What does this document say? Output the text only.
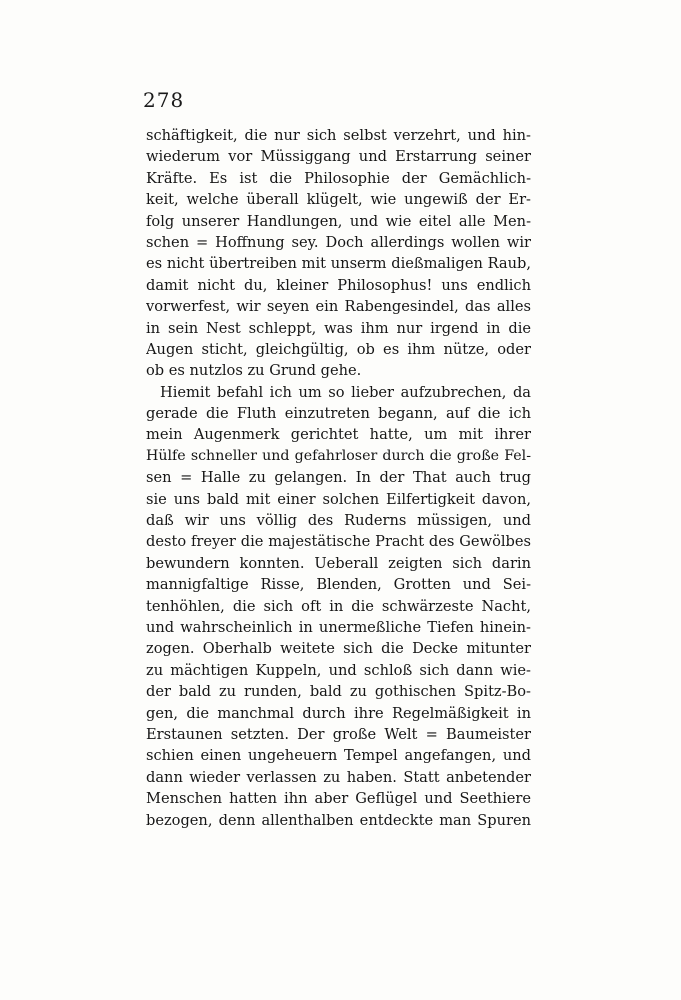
278
schäftigkeit, die nur sich selbst verzehrt, und hin-
wiederum vor Müssiggang und Erstarrung seiner
Kräfte. Es ist die Philosophie der Gemächlich-
keit, welche überall klügelt, wie ungewiß der Er-
folg unserer Handlungen, und wie eitel alle Men-
schen = Hoffnung sey. Doch allerdings wollen wir
es nicht übertreiben mit unserm dießmaligen Raub,
damit nicht du, kleiner Philosophus! uns endlich
vorwerfest, wir seyen ein Rabengesindel, das alles
in sein Nest schleppt, was ihm nur irgend in die
Augen sticht, gleichgültig, ob es ihm nütze, oder
ob es nutzlos zu Grund gehe.
Hiemit befahl ich um so lieber aufzubrechen, da
gerade die Fluth einzutreten begann, auf die ich
mein Augenmerk gerichtet hatte, um mit ihrer
Hülfe schneller und gefahrloser durch die große Fel-
sen = Halle zu gelangen. In der That auch trug
sie uns bald mit einer solchen Eilfertigkeit davon,
daß wir uns völlig des Ruderns müssigen, und
desto freyer die majestätische Pracht des Gewölbes
bewundern konnten. Ueberall zeigten sich darin
mannigfaltige Risse, Blenden, Grotten und Sei-
tenhöhlen, die sich oft in die schwärzeste Nacht,
und wahrscheinlich in unermeßliche Tiefen hinein-
zogen. Oberhalb weitete sich die Decke mitunter
zu mächtigen Kuppeln, und schloß sich dann wie-
der bald zu runden, bald zu gothischen Spitz-Bo-
gen, die manchmal durch ihre Regelmäßigkeit in
Erstaunen setzten. Der große Welt = Baumeister
schien einen ungeheuern Tempel angefangen, und
dann wieder verlassen zu haben. Statt anbetender
Menschen hatten ihn aber Geflügel und Seethiere
bezogen, denn allenthalben entdeckte man Spuren
